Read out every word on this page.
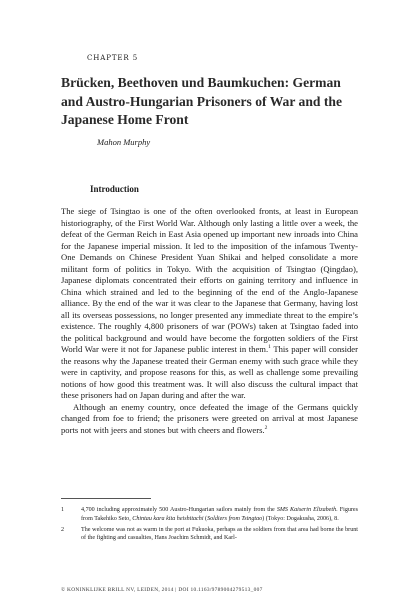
CHAPTER 5
Brücken, Beethoven und Baumkuchen: German and Austro-Hungarian Prisoners of War and the Japanese Home Front
Mahon Murphy
Introduction

The siege of Tsingtao is one of the often overlooked fronts, at least in European historiography, of the First World War. Although only lasting a little over a week, the defeat of the German Reich in East Asia opened up important new inroads into China for the Japanese imperial mission. It led to the imposition of the infamous Twenty-One Demands on Chinese President Yuan Shikai and helped consolidate a more militant form of politics in Tokyo. With the acquisition of Tsingtao (Qingdao), Japanese diplomats concentrated their efforts on gaining territory and influence in China which strained and led to the beginning of the end of the Anglo-Japanese alliance. By the end of the war it was clear to the Japanese that Germany, having lost all its overseas possessions, no longer presented any immediate threat to the empire’s existence. The roughly 4,800 prisoners of war (POWs) taken at Tsingtao faded into the political background and would have become the forgotten soldiers of the First World War were it not for Japanese public interest in them.$^1$ This paper will consider the reasons why the Japanese treated their German enemy with such grace while they were in captivity, and propose reasons for this, as well as challenge some prevailing notions of how good this treatment was. It will also discuss the cultural impact that these prisoners had on Japan during and after the war.

Although an enemy country, once defeated the image of the Germans quickly changed from foe to friend; the prisoners were greeted on arrival at most Japanese ports not with jeers and stones but with cheers and flowers.$^2$

1	4,700 including approximately 500 Austro-Hungarian sailors mainly from the SMS Kaiserin Elizabeth. Figures from Takehiko Seto, Chintau kara kita heishitachi (Soldiers from Tsingtao) (Tokyo: Dogakusha, 2006), 8.
2	The welcome was not as warm in the port at Fukuoka, perhaps as the soldiers from that area had borne the brunt of the fighting and casualties, Hans Joachim Schmidt, and Karl-
© KONINKLIJKE BRILL NV, LEIDEN, 2014 | DOI 10.1163/9789004279513_007
